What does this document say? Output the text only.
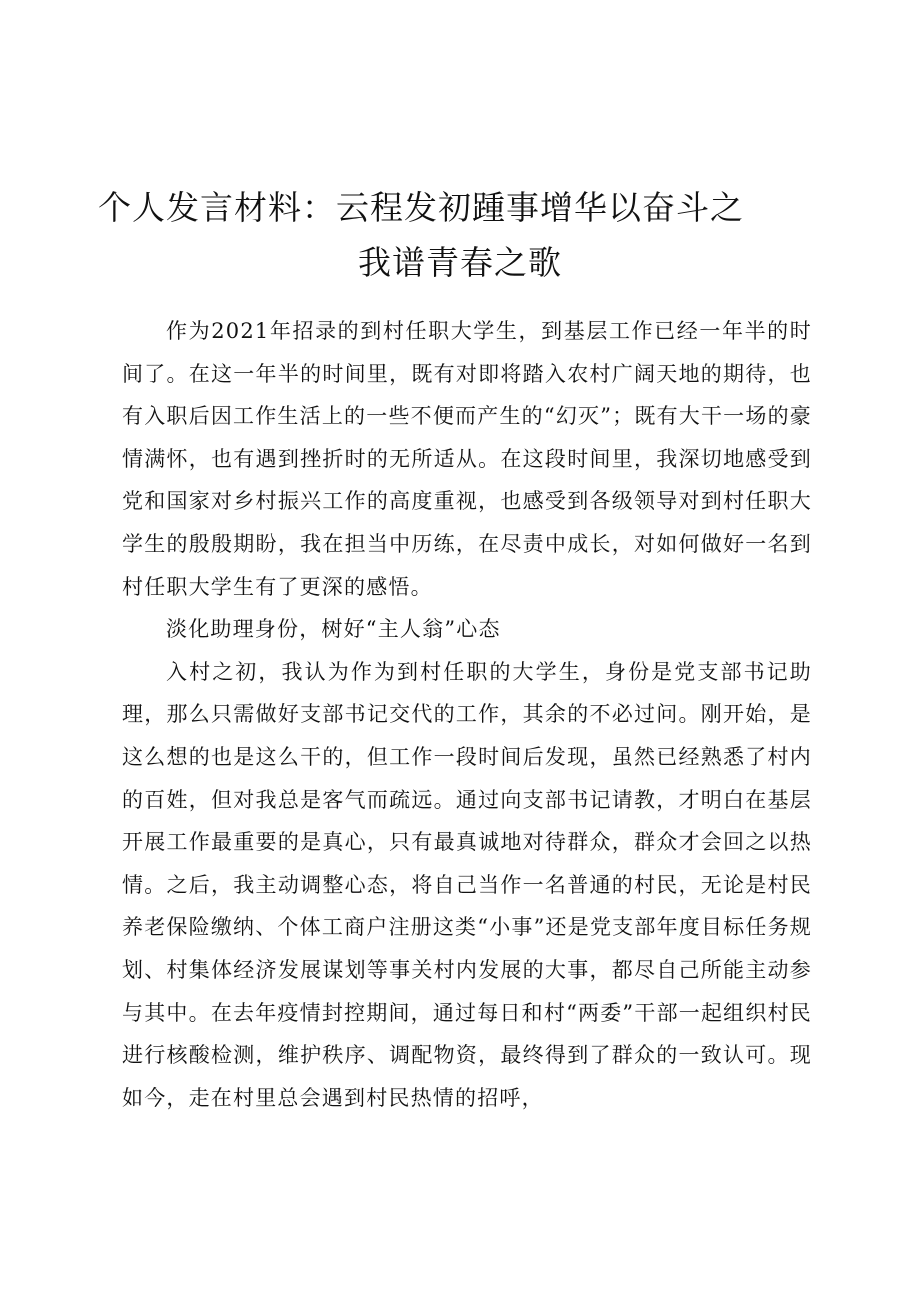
个人发言材料：云程发初踵事增华以奋斗之
我谱青春之歌

作为2021年招录的到村任职大学生，到基层工作已经一年半的时间了。在这一年半的时间里，既有对即将踏入农村广阔天地的期待，也有入职后因工作生活上的一些不便而产生的“幻灭”；既有大干一场的豪情满怀，也有遇到挫折时的无所适从。在这段时间里，我深切地感受到党和国家对乡村振兴工作的高度重视，也感受到各级领导对到村任职大学生的殷殷期盼，我在担当中历练，在尽责中成长，对如何做好一名到村任职大学生有了更深的感悟。

淡化助理身份，树好“主人翁”心态

入村之初，我认为作为到村任职的大学生，身份是党支部书记助理，那么只需做好支部书记交代的工作，其余的不必过问。刚开始，是这么想的也是这么干的，但工作一段时间后发现，虽然已经熟悉了村内的百姓，但对我总是客气而疏远。通过向支部书记请教，才明白在基层开展工作最重要的是真心，只有最真诚地对待群众，群众才会回之以热情。之后，我主动调整心态，将自己当作一名普通的村民，无论是村民养老保险缴纳、个体工商户注册这类“小事”还是党支部年度目标任务规划、村集体经济发展谋划等事关村内发展的大事，都尽自己所能主动参与其中。在去年疫情封控期间，通过每日和村“两委”干部一起组织村民进行核酸检测，维护秩序、调配物资，最终得到了群众的一致认可。现如今，走在村里总会遇到村民热情的招呼，
